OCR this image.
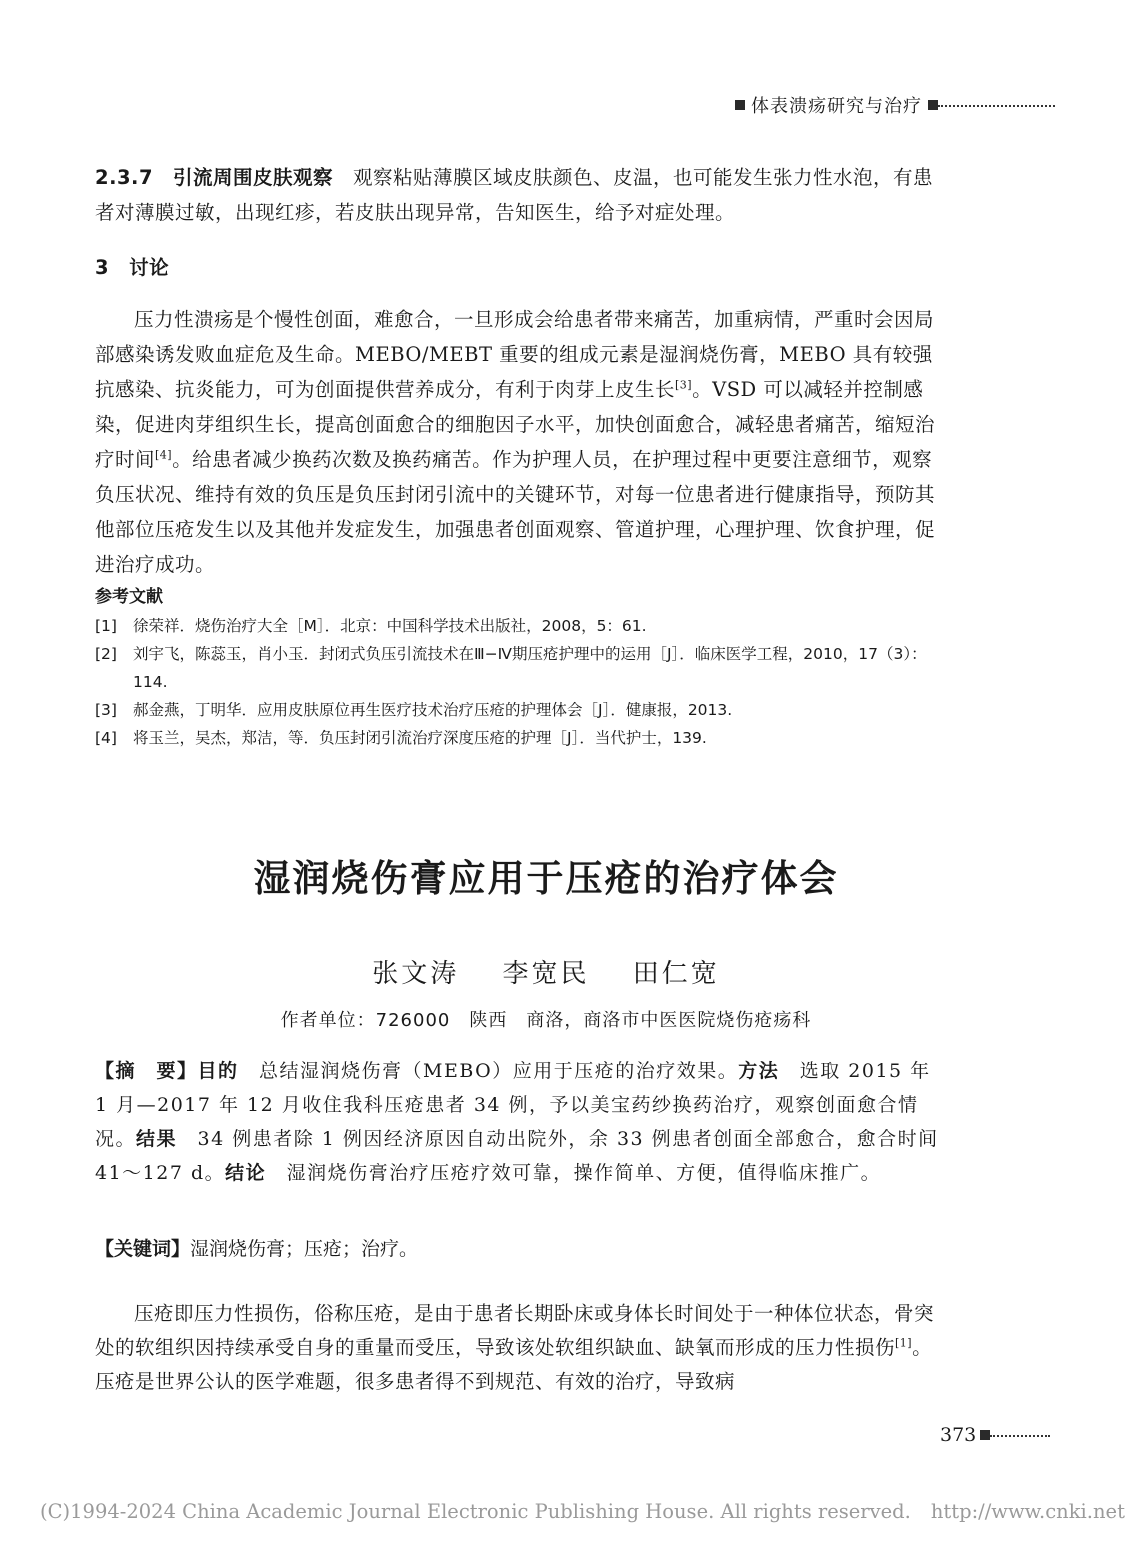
体表溃疡研究与治疗
2.3.7　引流周围皮肤观察　观察粘贴薄膜区域皮肤颜色、皮温，也可能发生张力性水泡，有患者对薄膜过敏，出现红疹，若皮肤出现异常，告知医生，给予对症处理。
3　讨论
压力性溃疡是个慢性创面，难愈合，一旦形成会给患者带来痛苦，加重病情，严重时会因局部感染诱发败血症危及生命。MEBO/MEBT 重要的组成元素是湿润烧伤膏，MEBO 具有较强抗感染、抗炎能力，可为创面提供营养成分，有利于肉芽上皮生长[3]。VSD 可以减轻并控制感染，促进肉芽组织生长，提高创面愈合的细胞因子水平，加快创面愈合，减轻患者痛苦，缩短治疗时间[4]。给患者减少换药次数及换药痛苦。作为护理人员，在护理过程中更要注意细节，观察负压状况、维持有效的负压是负压封闭引流中的关键环节，对每一位患者进行健康指导，预防其他部位压疮发生以及其他并发症发生，加强患者创面观察、管道护理，心理护理、饮食护理，促进治疗成功。
参考文献
[1]	徐荣祥．烧伤治疗大全［M］．北京：中国科学技术出版社，2008，5：61.
[2]	刘宇飞，陈蕊玉，肖小玉．封闭式负压引流技术在Ⅲ−Ⅳ期压疮护理中的运用［J］．临床医学工程，2010，17（3）：114.
[3]	郝金燕，丁明华．应用皮肤原位再生医疗技术治疗压疮的护理体会［J］．健康报，2013.
[4]	将玉兰，吴杰，郑洁，等．负压封闭引流治疗深度压疮的护理［J］．当代护士，139.
湿润烧伤膏应用于压疮的治疗体会
张文涛 李宽民 田仁宽
作者单位：726000　陕西　商洛，商洛市中医医院烧伤疮疡科
【摘　要】目的　总结湿润烧伤膏（MEBO）应用于压疮的治疗效果。方法　选取 2015 年 1 月—2017 年 12 月收住我科压疮患者 34 例，予以美宝药纱换药治疗，观察创面愈合情况。结果　34 例患者除 1 例因经济原因自动出院外，余 33 例患者创面全部愈合，愈合时间 41～127 d。结论　湿润烧伤膏治疗压疮疗效可靠，操作简单、方便，值得临床推广。
【关键词】湿润烧伤膏；压疮；治疗。
压疮即压力性损伤，俗称压疮，是由于患者长期卧床或身体长时间处于一种体位状态，骨突处的软组织因持续承受自身的重量而受压，导致该处软组织缺血、缺氧而形成的压力性损伤[1]。压疮是世界公认的医学难题，很多患者得不到规范、有效的治疗，导致病
373
(C)1994-2024 China Academic Journal Electronic Publishing House. All rights reserved. http://www.cnki.net
